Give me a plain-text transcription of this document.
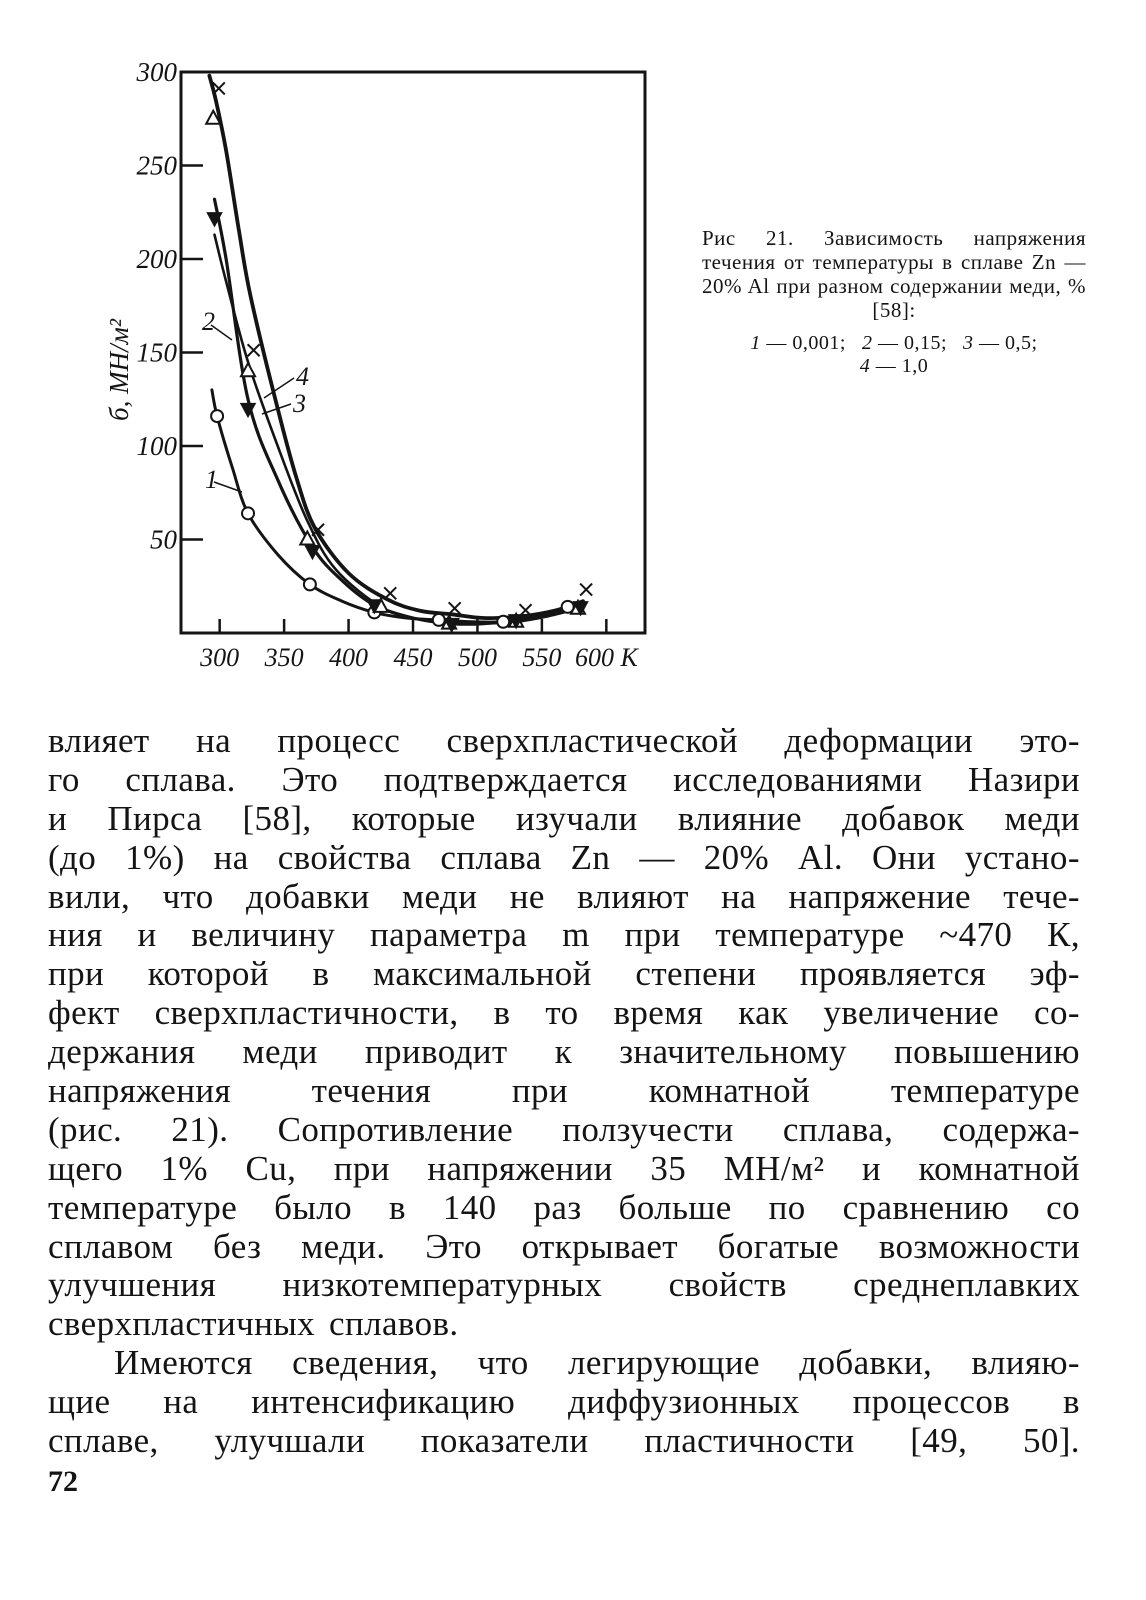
50
100
150
200
250
300
300 350 400 450 500 550 600 К
1
2
3
4
б, МН/м²
Рис 21. Зависимость напряжения течения от температуры в сплаве Zn — 20% Al при разном содержании меди, % [58]:
1 — 0,001; 2 — 0,15; 3 — 0,5;
4 — 1,0
влияет на процесс сверхпластической деформации это-
го сплава. Это подтверждается исследованиями Назири
и Пирса [58], которые изучали влияние добавок меди
(до 1%) на свойства сплава Zn — 20% Al. Они устано-
вили, что добавки меди не влияют на напряжение тече-
ния и величину параметра m при температуре ~470 К,
при которой в максимальной степени проявляется эф-
фект сверхпластичности, в то время как увеличение со-
держания меди приводит к значительному повышению
напряжения течения при комнатной температуре
(рис. 21). Сопротивление ползучести сплава, содержа-
щего 1% Cu, при напряжении 35 МН/м² и комнатной
температуре было в 140 раз больше по сравнению со
сплавом без меди. Это открывает богатые возможности
улучшения низкотемпературных свойств среднеплавких
сверхпластичных сплавов.
Имеются сведения, что легирующие добавки, влияю-
щие на интенсификацию диффузионных процессов в
сплаве, улучшали показатели пластичности [49, 50].
72
